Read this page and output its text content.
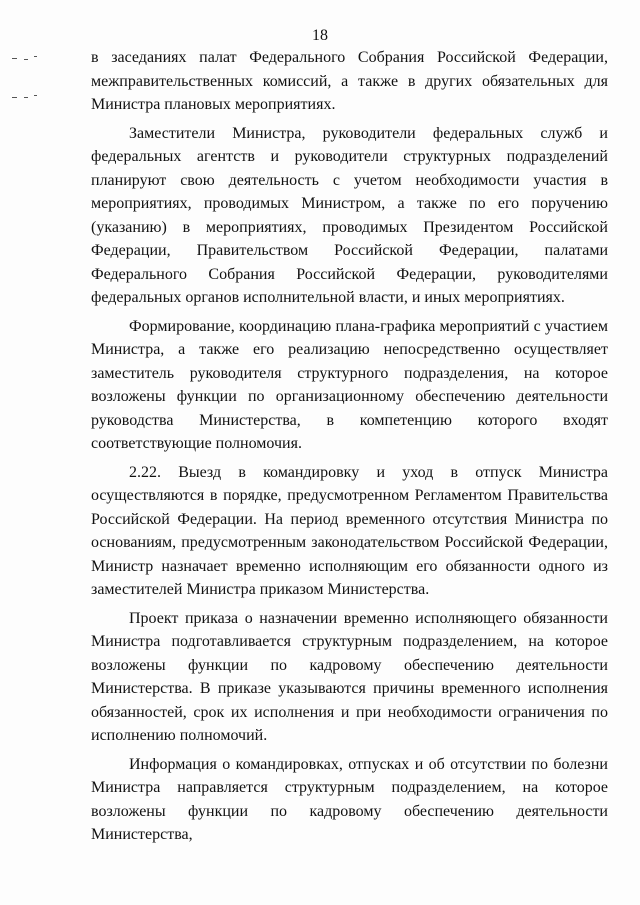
18

в заседаниях палат Федерального Собрания Российской Федерации, межправительственных комиссий, а также в других обязательных для Министра плановых мероприятиях.

Заместители Министра, руководители федеральных служб и федеральных агентств и руководители структурных подразделений планируют свою деятельность с учетом необходимости участия в мероприятиях, проводимых Министром, а также по его поручению (указанию) в мероприятиях, проводимых Президентом Российской Федерации, Правительством Российской Федерации, палатами Федерального Собрания Российской Федерации, руководителями федеральных органов исполнительной власти, и иных мероприятиях.

Формирование, координацию плана-графика мероприятий с участием Министра, а также его реализацию непосредственно осуществляет заместитель руководителя структурного подразделения, на которое возложены функции по организационному обеспечению деятельности руководства Министерства, в компетенцию которого входят соответствующие полномочия.

2.22. Выезд в командировку и уход в отпуск Министра осуществляются в порядке, предусмотренном Регламентом Правительства Российской Федерации. На период временного отсутствия Министра по основаниям, предусмотренным законодательством Российской Федерации, Министр назначает временно исполняющим его обязанности одного из заместителей Министра приказом Министерства.

Проект приказа о назначении временно исполняющего обязанности Министра подготавливается структурным подразделением, на которое возложены функции по кадровому обеспечению деятельности Министерства. В приказе указываются причины временного исполнения обязанностей, срок их исполнения и при необходимости ограничения по исполнению полномочий.

Информация о командировках, отпусках и об отсутствии по болезни Министра направляется структурным подразделением, на которое возложены функции по кадровому обеспечению деятельности Министерства,
